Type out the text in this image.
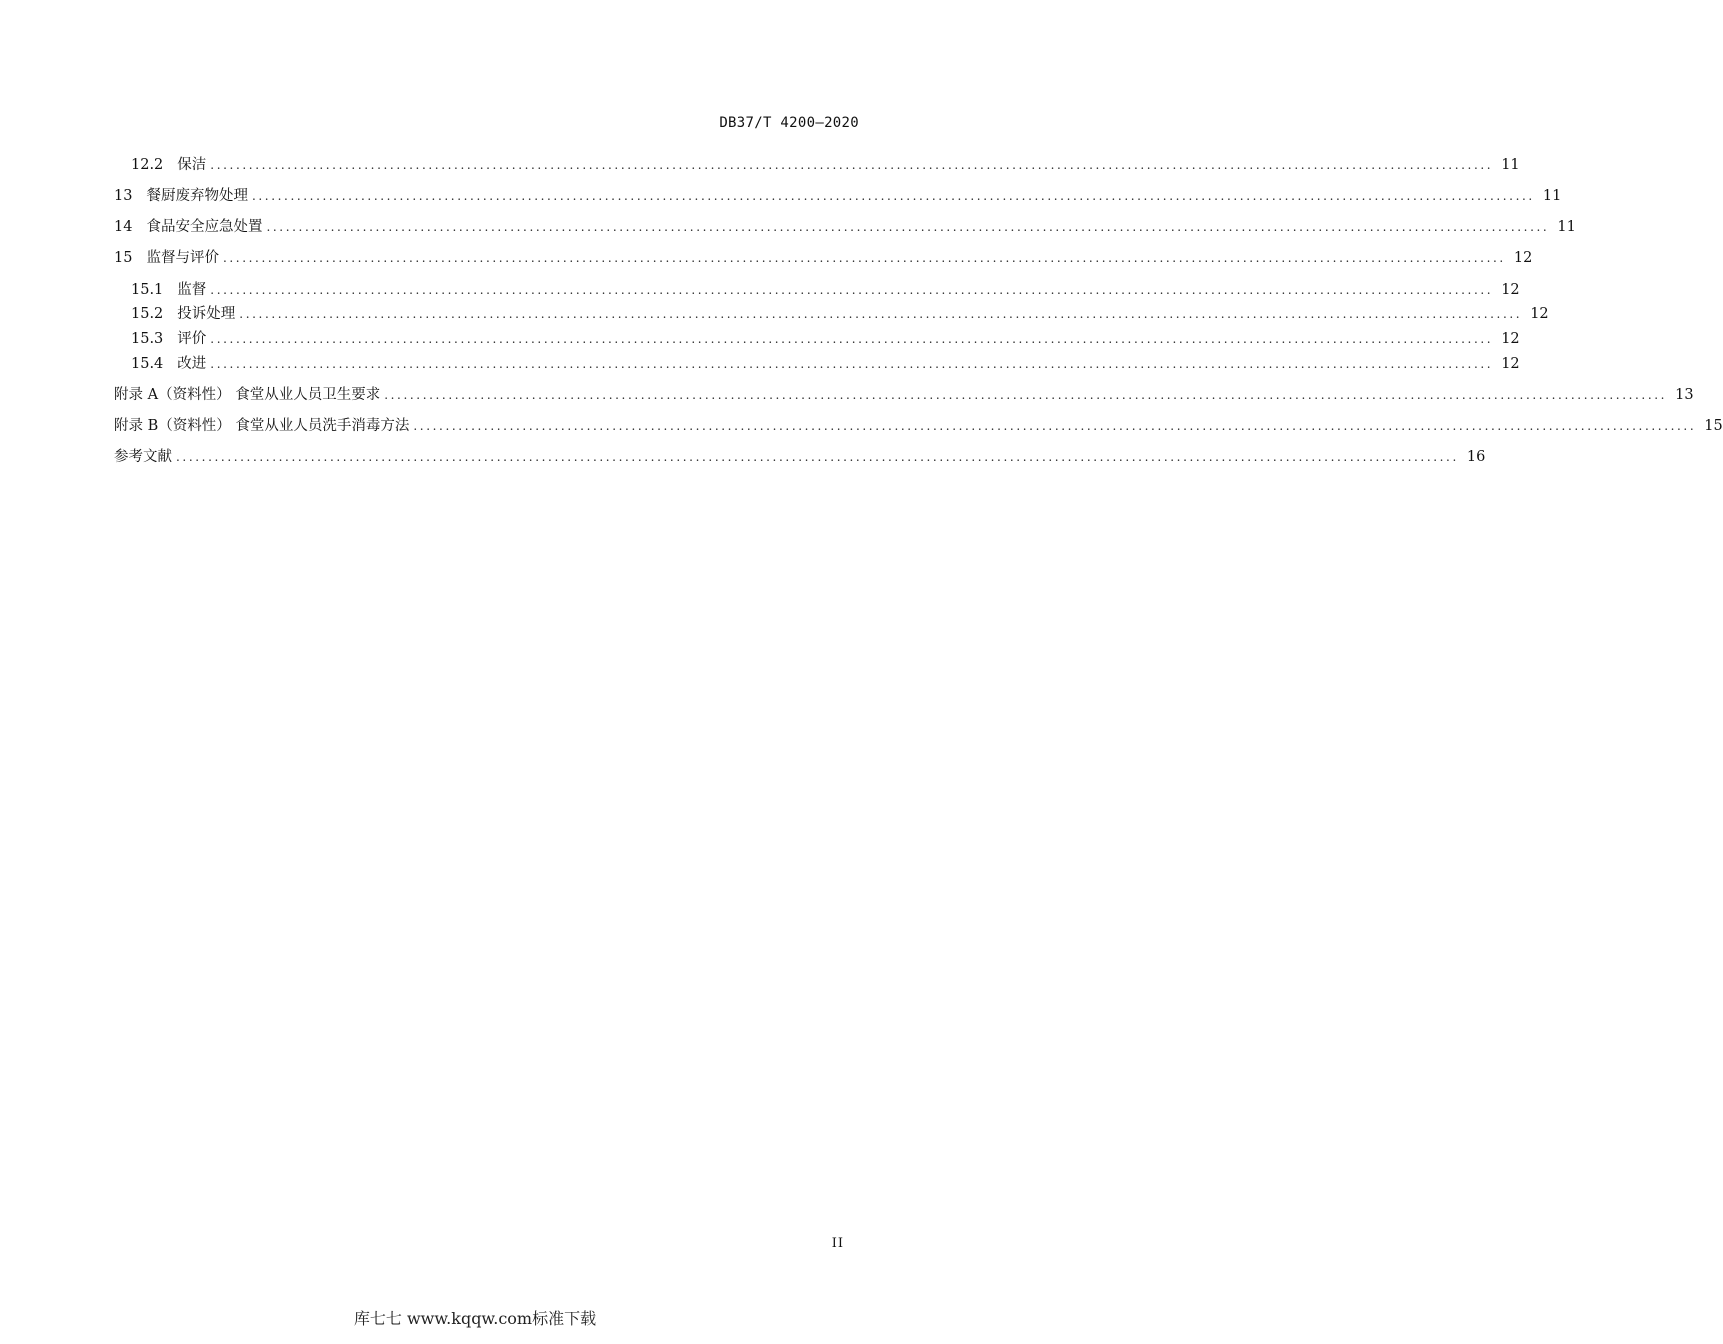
DB37/T 4200—2020
12.2 保洁 ........................................................................................................................................................................................................ 11
13 餐厨废弃物处理 ........................................................................................................................................................................................................ 11
14 食品安全应急处置 ........................................................................................................................................................................................................ 11
15 监督与评价 ........................................................................................................................................................................................................ 12
15.1 监督 ........................................................................................................................................................................................................ 12
15.2 投诉处理 ........................................................................................................................................................................................................ 12
15.3 评价 ........................................................................................................................................................................................................ 12
15.4 改进 ........................................................................................................................................................................................................ 12
附录 A（资料性） 食堂从业人员卫生要求 ........................................................................................................................................................................................................ 13
附录 B（资料性） 食堂从业人员洗手消毒方法 ........................................................................................................................................................................................................ 15
参考文献 ........................................................................................................................................................................................................ 16
II
库七七 www.kqqw.com标准下载
